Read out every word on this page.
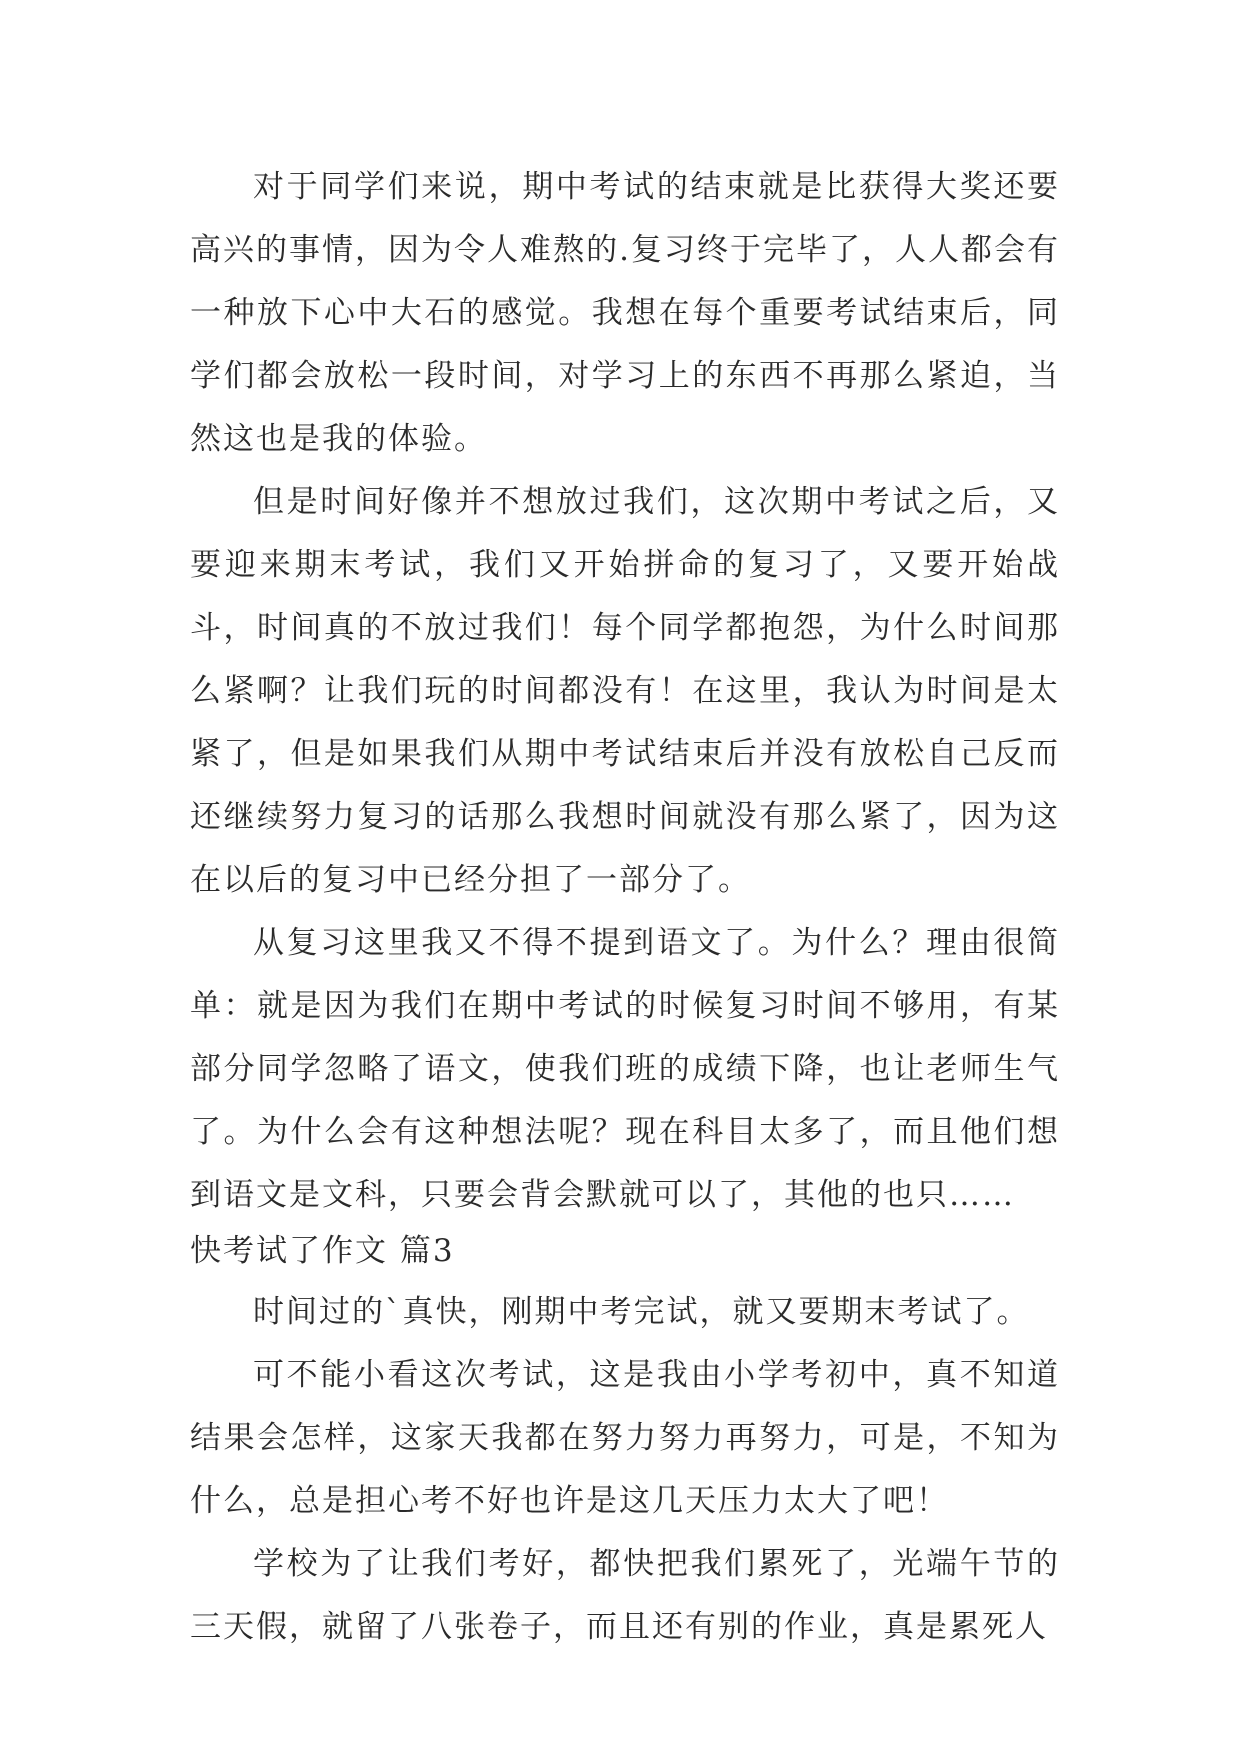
对于同学们来说，期中考试的结束就是比获得大奖还要高兴的事情，因为令人难熬的.复习终于完毕了，人人都会有一种放下心中大石的感觉。我想在每个重要考试结束后，同学们都会放松一段时间，对学习上的东西不再那么紧迫，当然这也是我的体验。

但是时间好像并不想放过我们，这次期中考试之后，又要迎来期末考试，我们又开始拼命的复习了，又要开始战斗，时间真的不放过我们！每个同学都抱怨，为什么时间那么紧啊？让我们玩的时间都没有！在这里，我认为时间是太紧了，但是如果我们从期中考试结束后并没有放松自己反而还继续努力复习的话那么我想时间就没有那么紧了，因为这在以后的复习中已经分担了一部分了。

从复习这里我又不得不提到语文了。为什么？理由很简单：就是因为我们在期中考试的时候复习时间不够用，有某部分同学忽略了语文，使我们班的成绩下降，也让老师生气了。为什么会有这种想法呢？现在科目太多了，而且他们想到语文是文科，只要会背会默就可以了，其他的也只……

快考试了作文 篇3

时间过的`真快，刚期中考完试，就又要期末考试了。

可不能小看这次考试，这是我由小学考初中，真不知道结果会怎样，这家天我都在努力努力再努力，可是，不知为什么，总是担心考不好也许是这几天压力太大了吧！

学校为了让我们考好，都快把我们累死了，光端午节的三天假，就留了八张卷子，而且还有别的作业，真是累死人
